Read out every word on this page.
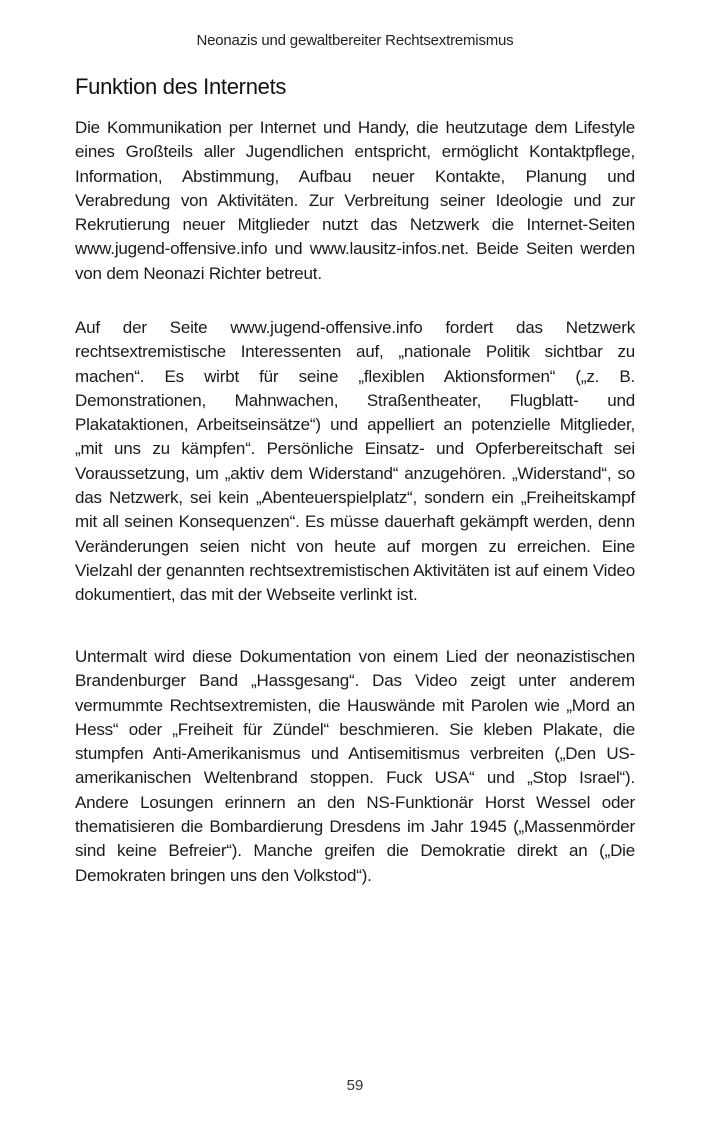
Neonazis und gewaltbereiter Rechtsextremismus
Funktion des Internets

Die Kommunikation per Internet und Handy, die heutzutage dem Lifestyle eines Großteils aller Jugendlichen entspricht, ermöglicht Kontaktpflege, Information, Abstimmung, Aufbau neuer Kontakte, Planung und Verabredung von Aktivitäten. Zur Verbreitung seiner Ideologie und zur Rekrutierung neuer Mitglieder nutzt das Netzwerk die Internet-Seiten www.jugend-offensive.info und www.lausitz-infos.net. Beide Seiten werden von dem Neonazi Richter betreut.

Auf der Seite www.jugend-offensive.info fordert das Netzwerk rechtsextremistische Interessenten auf, „nationale Politik sichtbar zu machen“. Es wirbt für seine „flexiblen Aktionsformen“ („z. B. Demonstrationen, Mahnwachen, Straßentheater, Flugblatt- und Plakataktionen, Arbeitseinsätze“) und appelliert an potenzielle Mitglieder, „mit uns zu kämpfen“. Persönliche Einsatz- und Opferbereitschaft sei Voraussetzung, um „aktiv dem Widerstand“ anzugehören. „Widerstand“, so das Netzwerk, sei kein „Abenteuerspielplatz“, sondern ein „Freiheitskampf mit all seinen Konsequenzen“. Es müsse dauerhaft gekämpft werden, denn Veränderungen seien nicht von heute auf morgen zu erreichen. Eine Vielzahl der genannten rechtsextremistischen Aktivitäten ist auf einem Video dokumentiert, das mit der Webseite verlinkt ist.

Untermalt wird diese Dokumentation von einem Lied der neonazistischen Brandenburger Band „Hassgesang“. Das Video zeigt unter anderem vermummte Rechtsextremisten, die Hauswände mit Parolen wie „Mord an Hess“ oder „Freiheit für Zündel“ beschmieren. Sie kleben Plakate, die stumpfen Anti-Amerikanismus und Antisemitismus verbreiten („Den US-amerikanischen Weltenbrand stoppen. Fuck USA“ und „Stop Israel“). Andere Losungen erinnern an den NS-Funktionär Horst Wessel oder thematisieren die Bombardierung Dresdens im Jahr 1945 („Massenmörder sind keine Befreier“). Manche greifen die Demokratie direkt an („Die Demokraten bringen uns den Volkstod“).

59
